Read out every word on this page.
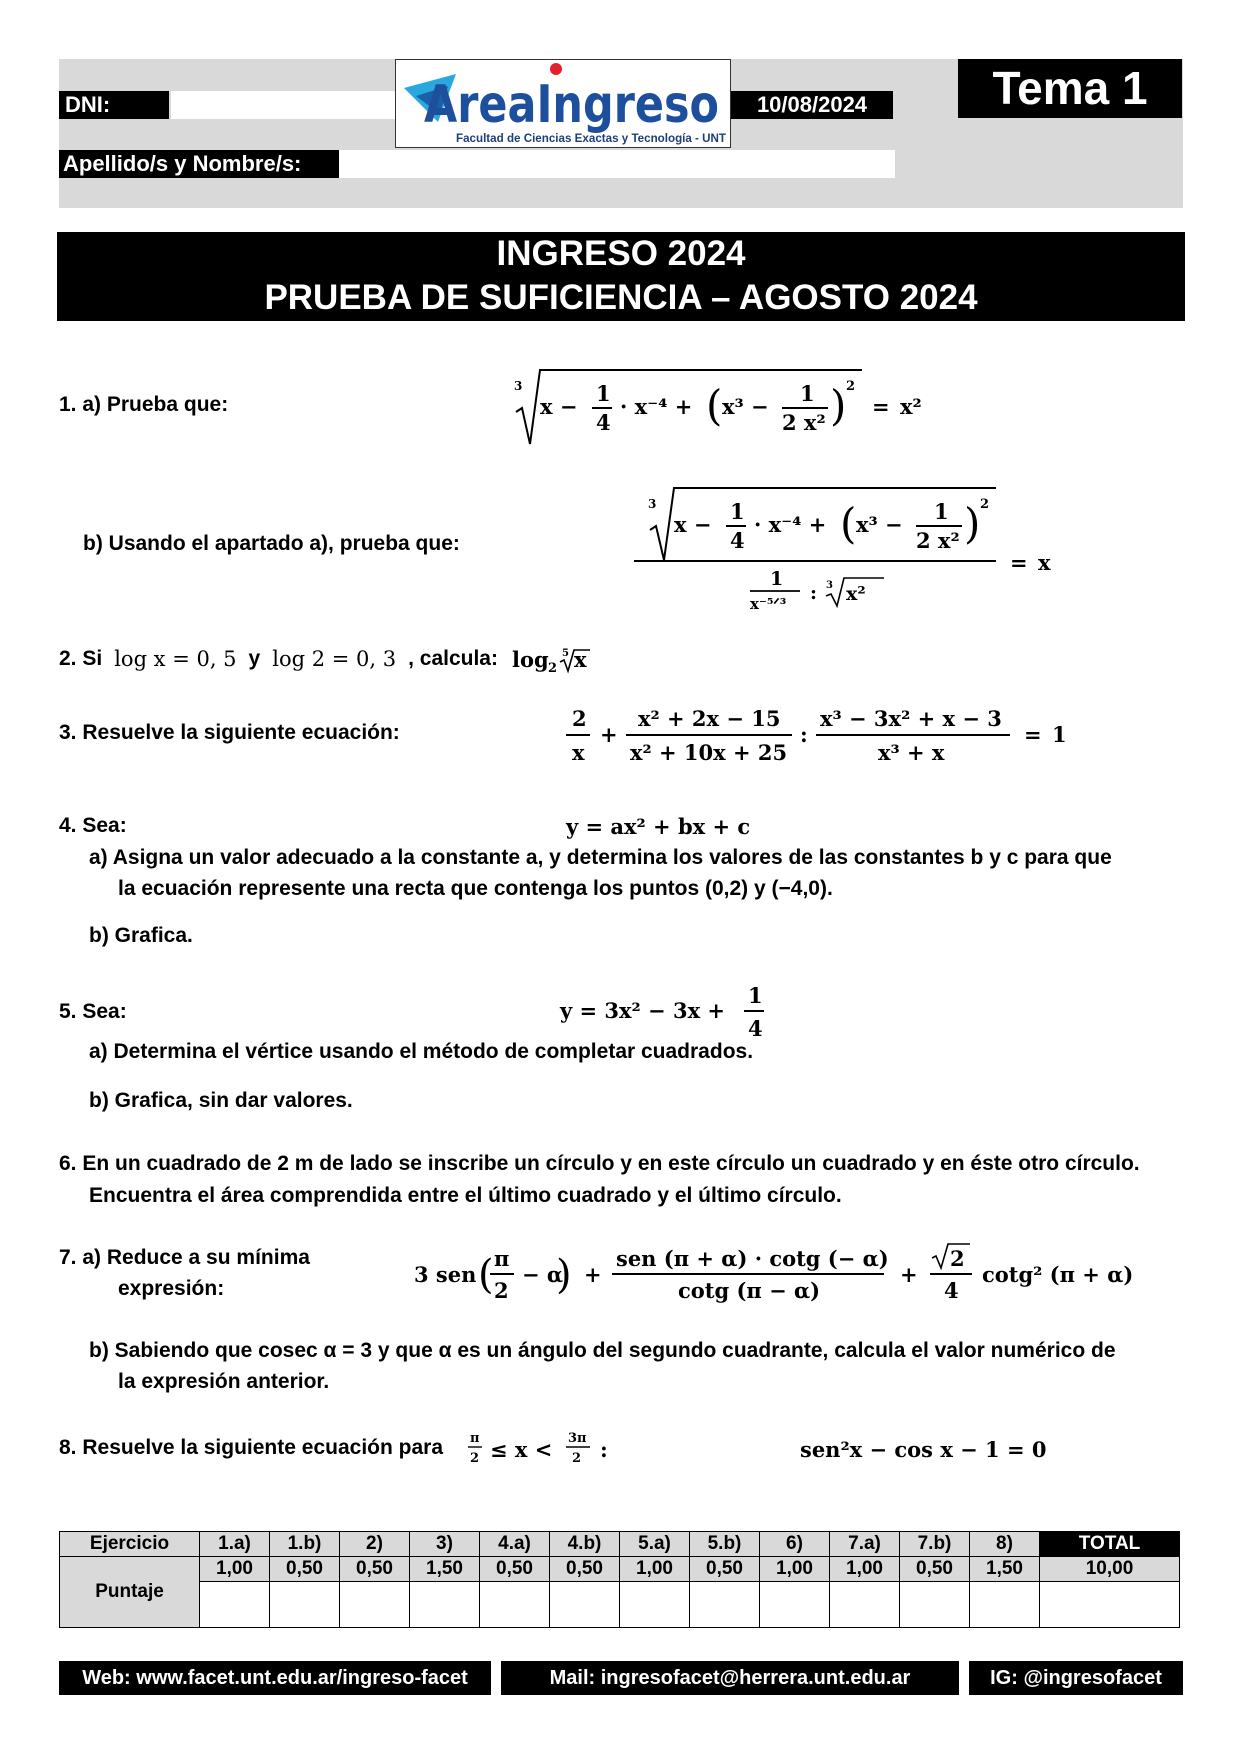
DNI:	AreaIngreso
Facultad de Ciencias Exactas y Tecnología - UNT
10/08/2024	Tema 1
Apellido/s y Nombre/s:
INGRESO 2024
PRUEBA DE SUFICIENCIA – AGOSTO 2024
1. a) Prueba que:
3
x −
1
4
· x⁻⁴ + ( x³ −
1
2 x² ) 2
= x²
b) Usando el apartado a), prueba que:
3
x −
1
4
· x⁻⁴ + ( x³ −
1
2 x² ) 2
1
x⁻⁵ᐟ³ : 3 x²
= x
2. Si log x = 0, 5 y log 2 = 0, 3 , calcula: log 2
5 x
3. Resuelve la siguiente ecuación:
2
x
+
x² + 2x − 15
x² + 10x + 25
:
x³ − 3x² + x − 3
x³ + x
= 1
4. Sea:	y = ax² + bx + c
a) Asigna un valor adecuado a la constante a, y determina los valores de las constantes b y c para que
la ecuación represente una recta que contenga los puntos (0,2) y (−4,0).
b) Grafica.
5. Sea:	y = 3x² − 3x +
1
4
a) Determina el vértice usando el método de completar cuadrados.
b) Grafica, sin dar valores.
6. En un cuadrado de 2 m de lado se inscribe un círculo y en este círculo un cuadrado y en éste otro círculo.
Encuentra el área comprendida entre el último cuadrado y el último círculo.
7. a) Reduce a su mínima
expresión:
3 sen ( π
2
− α
) +
sen (π + α) · cotg (− α)
cotg (π − α)
+
2
4
cotg² (π + α)
b) Sabiendo que cosec α = 3 y que α es un ángulo del segundo cuadrante, calcula el valor numérico de
la expresión anterior.
8. Resuelve la siguiente ecuación para π
2 ≤ x < 3π
2 :	sen²x − cos x − 1 = 0
Ejercicio	1.a)	1.b)	2)	3)	4.a)	4.b)	5.a)	5.b)	6)	7.a)	7.b)	8)	TOTAL
Puntaje	1,00	0,50	0,50	1,50	0,50	0,50	1,00	0,50	1,00	1,00	0,50	1,50	10,00

Web: www.facet.unt.edu.ar/ingreso-facet	Mail: ingresofacet@herrera.unt.edu.ar	IG: @ingresofacet
